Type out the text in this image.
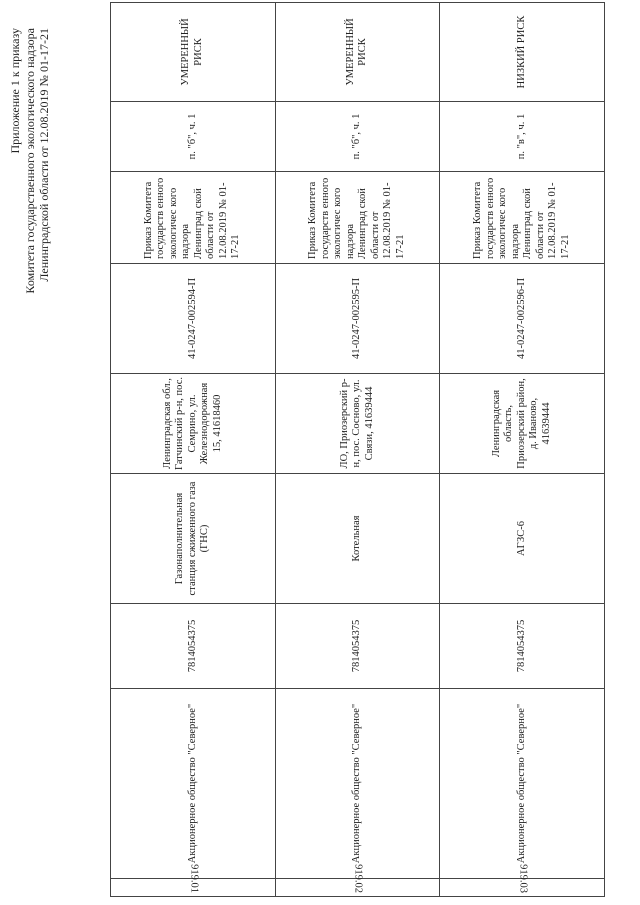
Приложение 1 к приказу Комитета государственного экологического надзора Ленинградской области от 12.08.2019 № 01-17-21
919.01	Акционерное общество "Северное"	7814054375	Газонаполнительная станция сжиженного газа (ГНС)	Ленинградская обл., Гатчинский р-н, пос. Семрино, ул. Железнодорожная 15, 41618460	41-0247-002594-П	Приказ Комитета государств енного экологичес кого надзора Ленинград ской области от 12.08.2019 № 01-17-21	п. "б", ч. 1	УМЕРЕННЫЙ РИСК
919.02	Акционерное общество "Северное"	7814054375	Котельная	ЛО, Приозерский р-н, пос. Сосново, ул. Связи, 41639444	41-0247-002595-П	Приказ Комитета государств енного экологичес кого надзора Ленинград ской области от 12.08.2019 № 01-17-21	п. "б", ч. 1	УМЕРЕННЫЙ РИСК
919.03	Акционерное общество "Северное"	7814054375	АГЗС-6	Ленинградская область, Приозерский район, д. Иваново, 41639444	41-0247-002596-П	Приказ Комитета государств енного экологичес кого надзора Ленинград ской области от 12.08.2019 № 01-17-21	п. "в", ч. 1	НИЗКИЙ РИСК
